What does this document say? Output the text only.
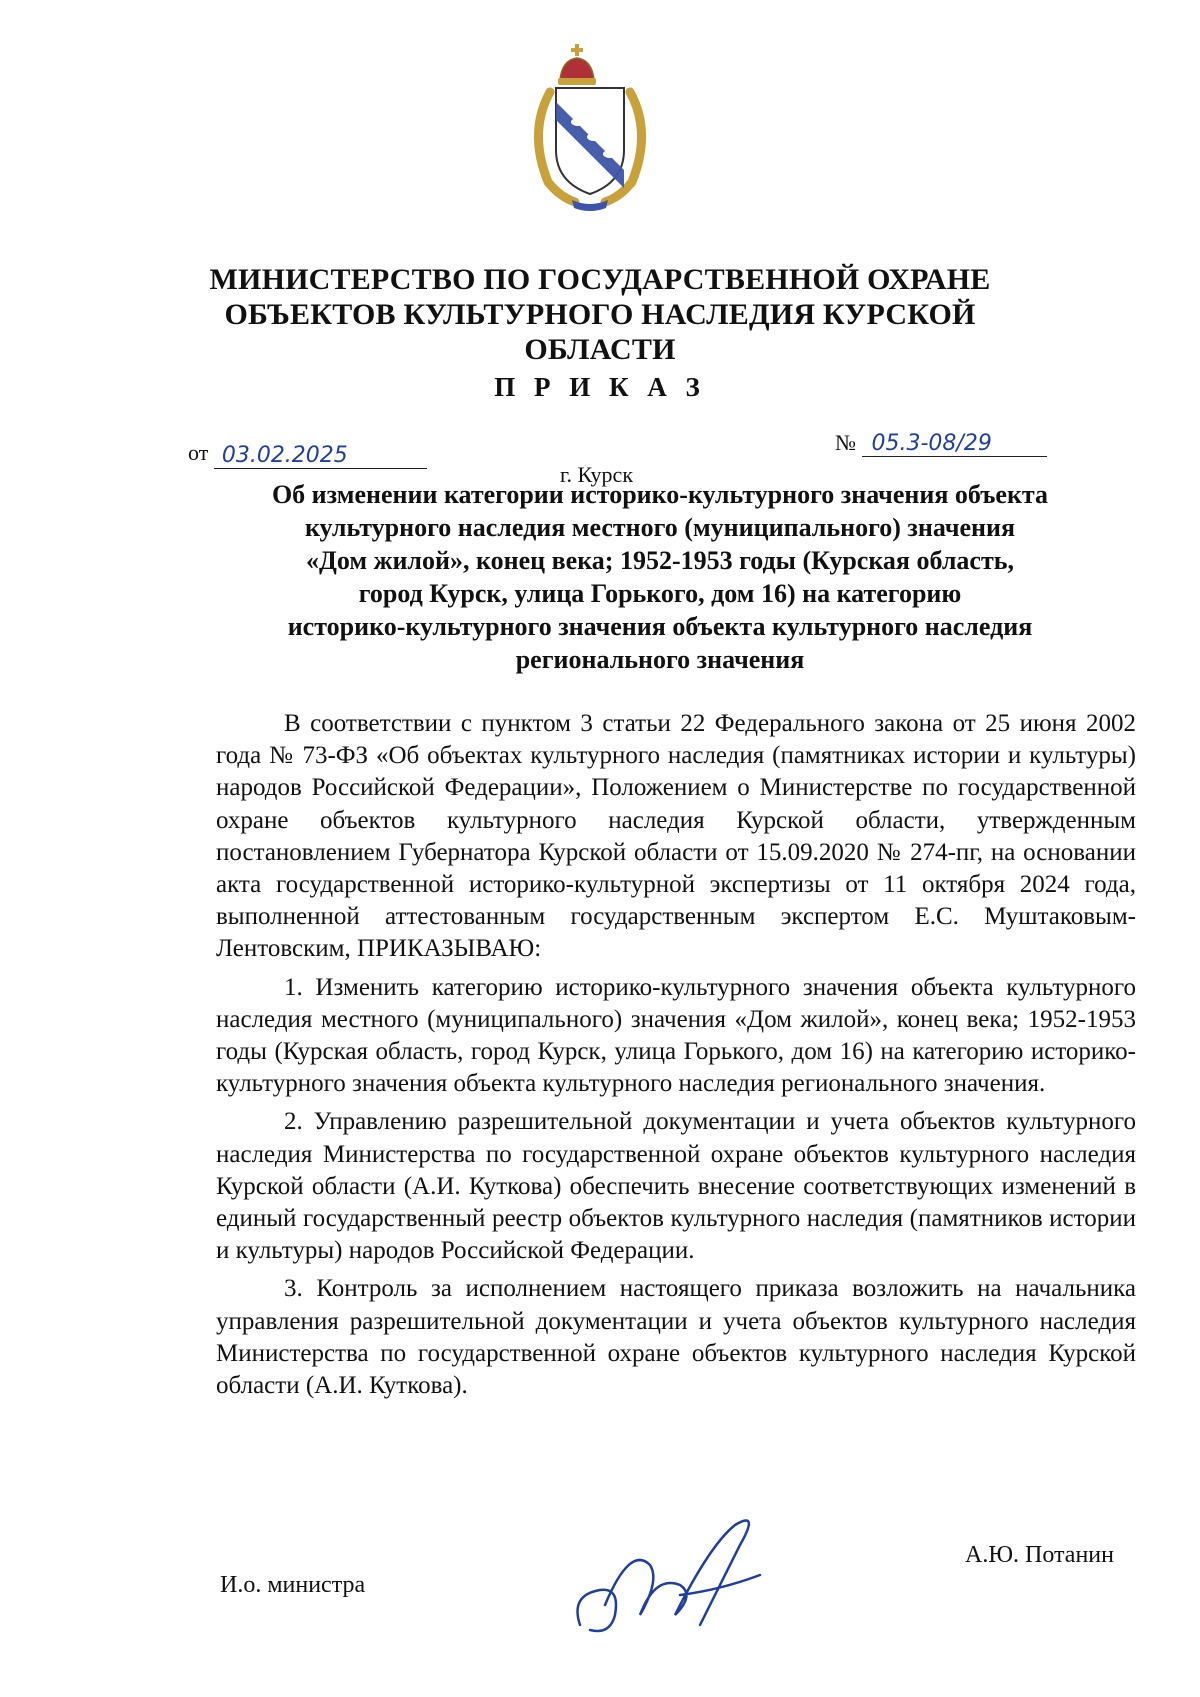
МИНИСТЕРСТВО ПО ГОСУДАРСТВЕННОЙ ОХРАНЕ
ОБЪЕКТОВ КУЛЬТУРНОГО НАСЛЕДИЯ КУРСКОЙ ОБЛАСТИ
П Р И К А З
от 03.02.2025
№ 05.3-08/29
г. Курск
Об изменении категории историко-культурного значения объекта
культурного наследия местного (муниципального) значения
«Дом жилой», конец века; 1952-1953 годы (Курская область,
город Курск, улица Горького, дом 16) на категорию
историко-культурного значения объекта культурного наследия
регионального значения

В соответствии с пунктом 3 статьи 22 Федерального закона от 25 июня 2002 года № 73-ФЗ «Об объектах культурного наследия (памятниках истории и культуры) народов Российской Федерации», Положением о Министерстве по государственной охране объектов культурного наследия Курской области, утвержденным постановлением Губернатора Курской области от 15.09.2020 № 274-пг, на основании акта государственной историко-культурной экспертизы от 11 октября 2024 года, выполненной аттестованным государственным экспертом Е.С. Муштаковым-Лентовским, ПРИКАЗЫВАЮ:

1. Изменить категорию историко-культурного значения объекта культурного наследия местного (муниципального) значения «Дом жилой», конец века; 1952-1953 годы (Курская область, город Курск, улица Горького, дом 16) на категорию историко-культурного значения объекта культурного наследия регионального значения.

2. Управлению разрешительной документации и учета объектов культурного наследия Министерства по государственной охране объектов культурного наследия Курской области (А.И. Куткова) обеспечить внесение соответствующих изменений в единый государственный реестр объектов культурного наследия (памятников истории и культуры) народов Российской Федерации.

3. Контроль за исполнением настоящего приказа возложить на начальника управления разрешительной документации и учета объектов культурного наследия Министерства по государственной охране объектов культурного наследия Курской области (А.И. Куткова).

И.о. министра
А.Ю. Потанин
